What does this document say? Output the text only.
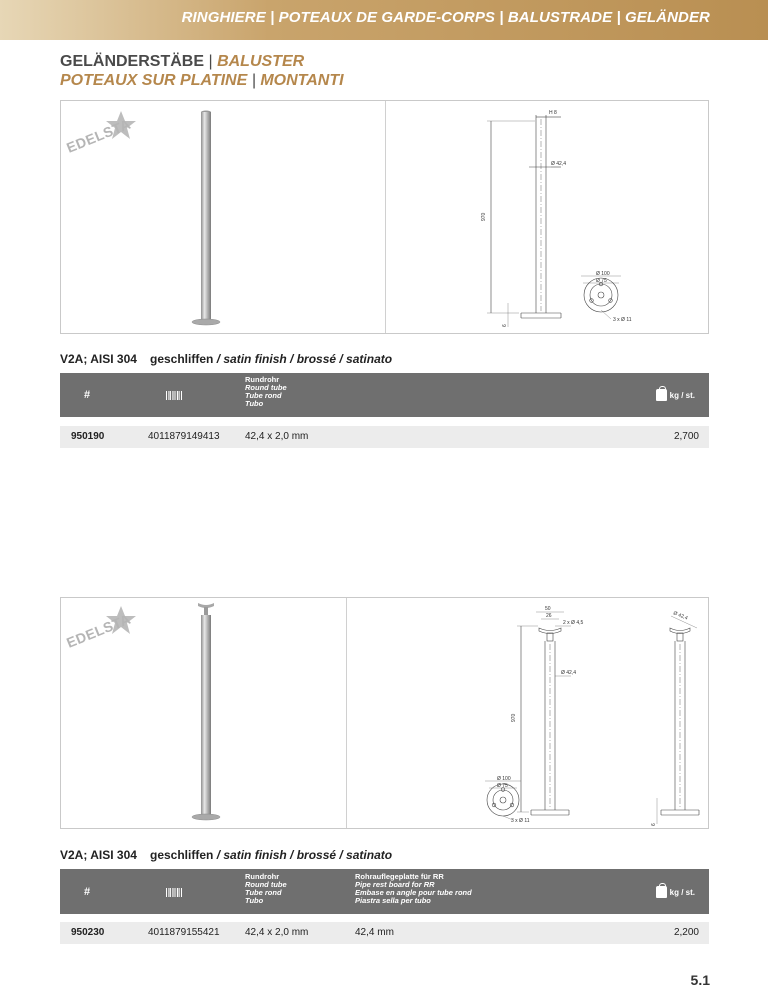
RINGHIERE | POTEAUX DE GARDE-CORPS | BALUSTRADE | GELÄNDER
GELÄNDERSTÄBE | BALUSTER
POTEAUX SUR PLATINE | MONTANTI
EDELSTA
H 8
Ø 42,4
970
Ø 100
Ø 75
3 x Ø 11
6
V2A; AISI 304 geschliffen / satin finish / brossé / satinato
#
Rundrohr
Round tube
Tube rond
Tubo
kg / st.
950190	4011879149413	42,4 x 2,0 mm	2,700
EDELSTA
50
26
2 x Ø 4,5
Ø 42,4
Ø 42,4
970
Ø 100
Ø 75
3 x Ø 11
6
V2A; AISI 304 geschliffen / satin finish / brossé / satinato
#
Rundrohr
Round tube
Tube rond
Tubo
Rohrauflegeplatte für RR
Pipe rest board for RR
Embase en angle pour tube rond
Piastra sella per tubo
kg / st.
950230	4011879155421	42,4 x 2,0 mm	42,4 mm	2,200
5.1
